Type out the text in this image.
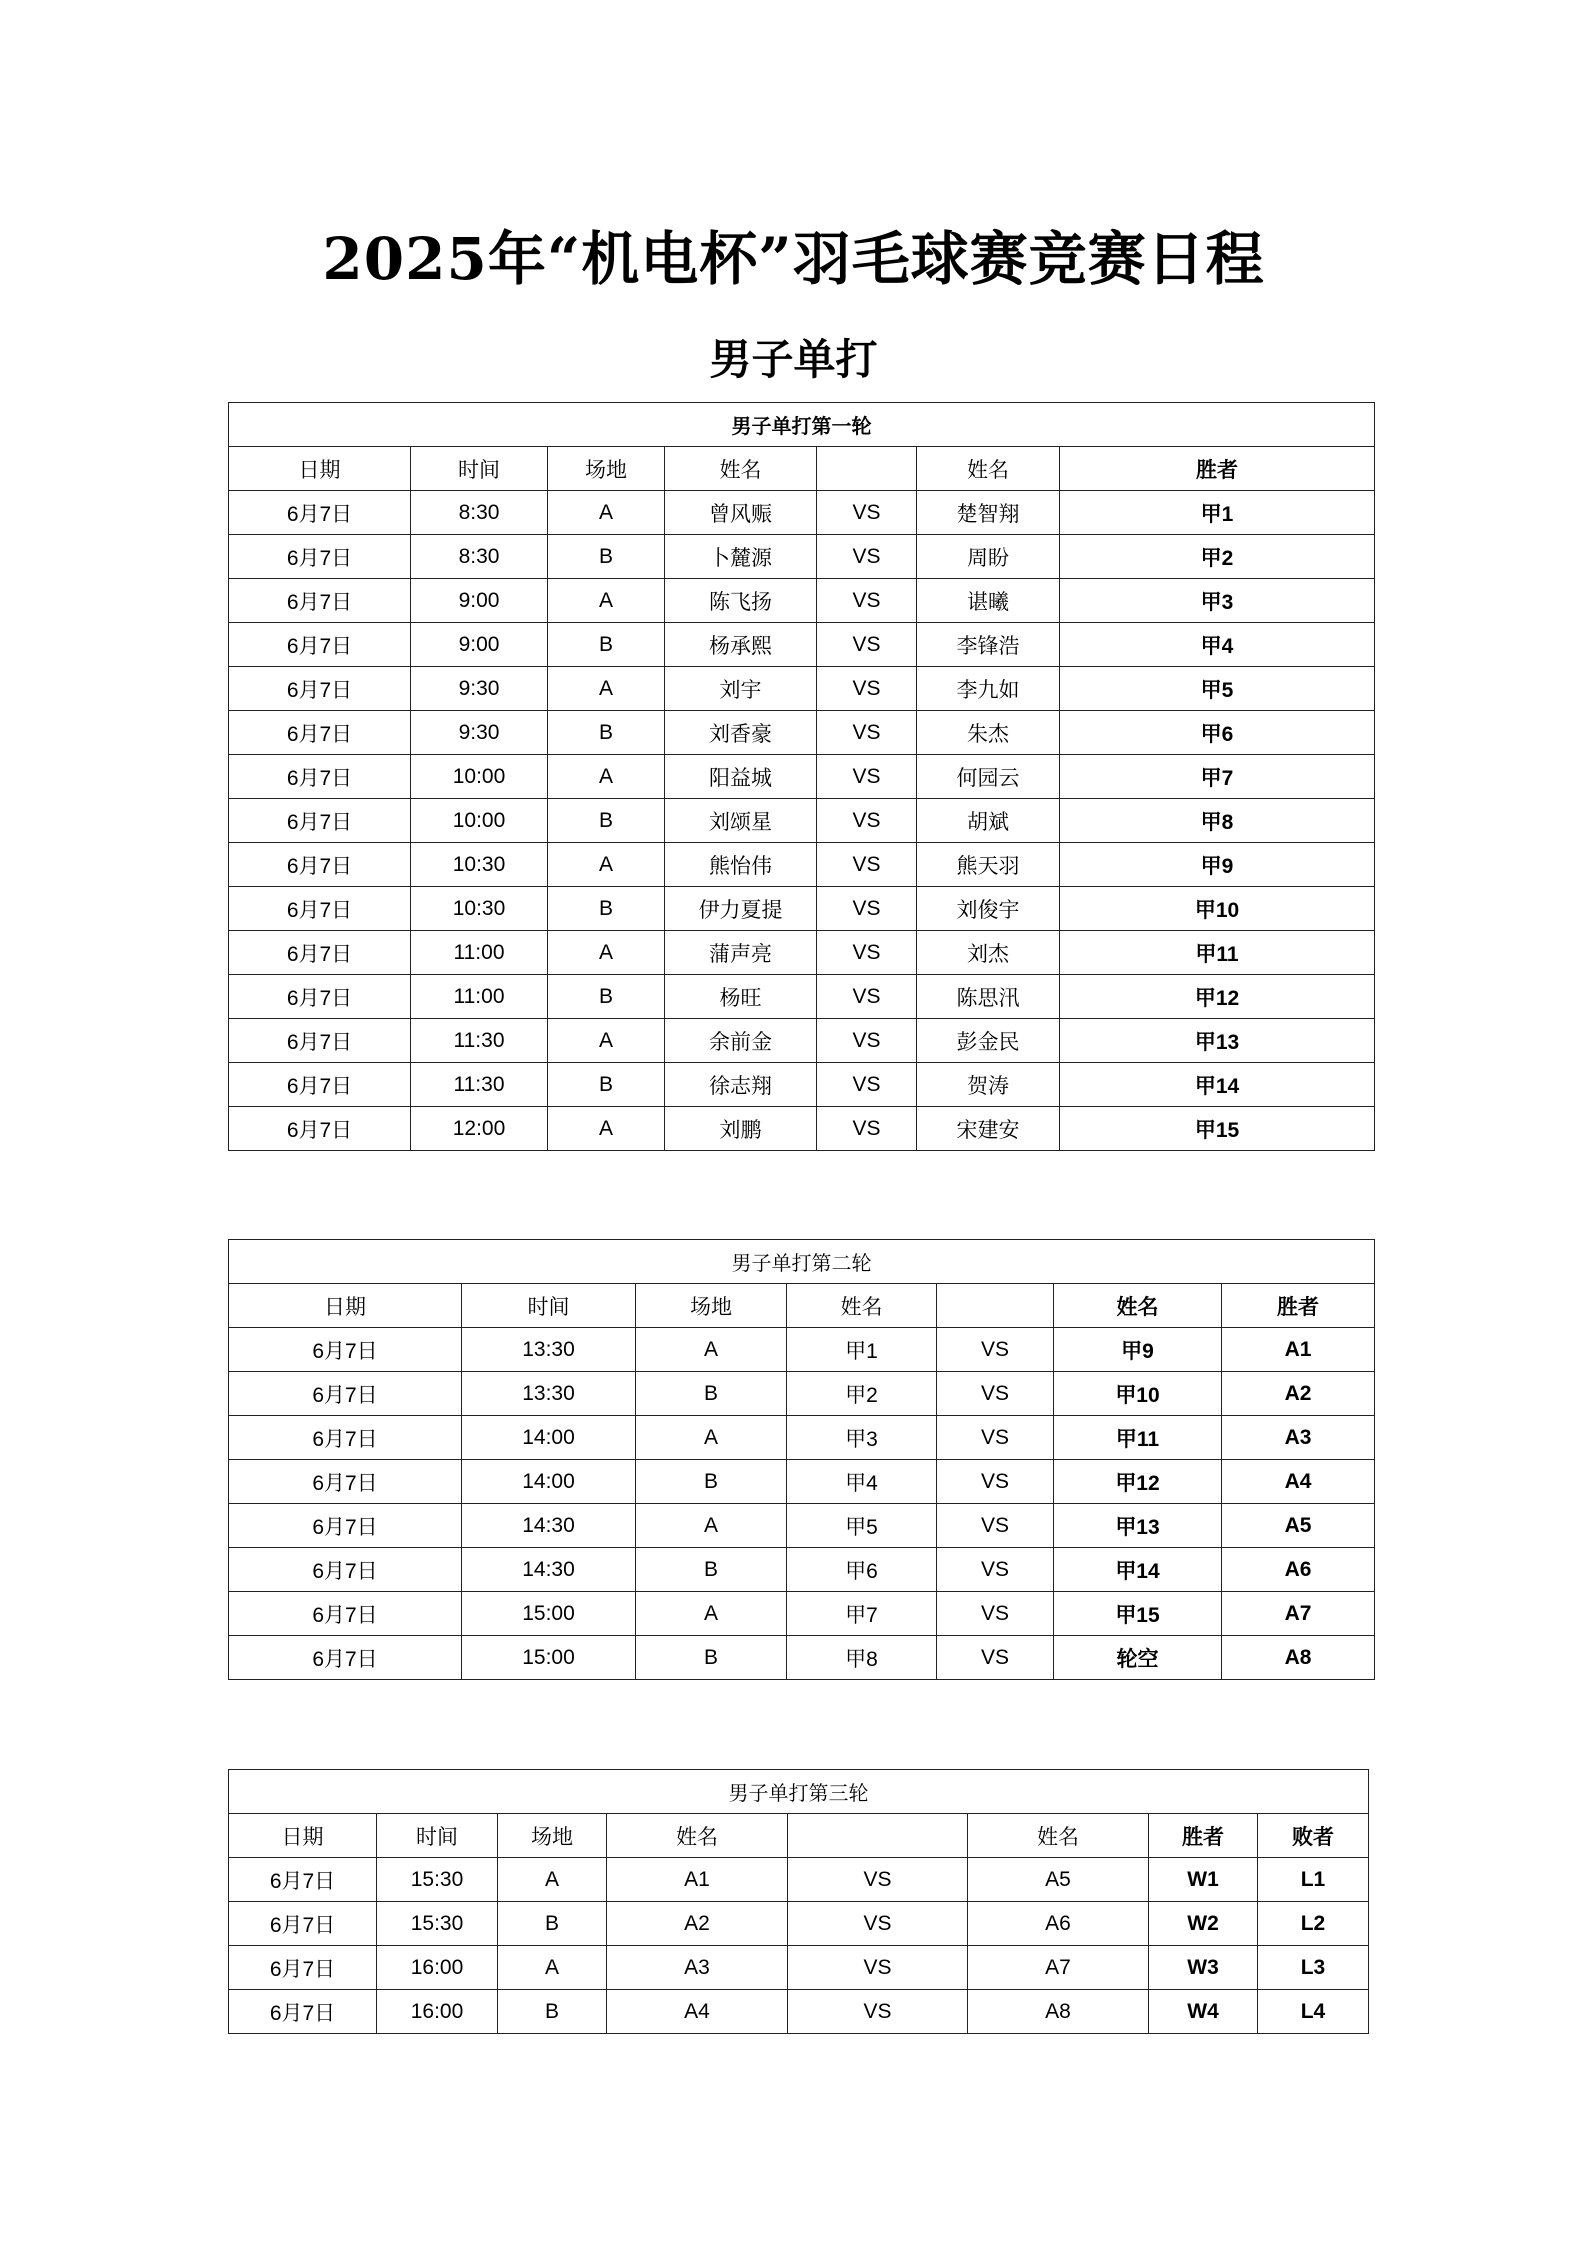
2025年“机电杯”羽毛球赛竞赛日程
男子单打
男子单打第一轮						
日期	时间	场地	姓名		姓名	胜者
6月7日	8:30	A	曾风赈	VS	楚智翔	甲1
6月7日	8:30	B	卜麓源	VS	周盼	甲2
6月7日	9:00	A	陈飞扬	VS	谌曦	甲3
6月7日	9:00	B	杨承熙	VS	李锋浩	甲4
6月7日	9:30	A	刘宇	VS	李九如	甲5
6月7日	9:30	B	刘香豪	VS	朱杰	甲6
6月7日	10:00	A	阳益城	VS	何园云	甲7
6月7日	10:00	B	刘颂星	VS	胡斌	甲8
6月7日	10:30	A	熊怡伟	VS	熊天羽	甲9
6月7日	10:30	B	伊力夏提	VS	刘俊宇	甲10
6月7日	11:00	A	蒲声亮	VS	刘杰	甲11
6月7日	11:00	B	杨旺	VS	陈思汛	甲12
6月7日	11:30	A	余前金	VS	彭金民	甲13
6月7日	11:30	B	徐志翔	VS	贺涛	甲14
6月7日	12:00	A	刘鹏	VS	宋建安	甲15
男子单打第二轮						
日期	时间	场地	姓名		姓名	胜者
6月7日	13:30	A	甲1	VS	甲9	A1
6月7日	13:30	B	甲2	VS	甲10	A2
6月7日	14:00	A	甲3	VS	甲11	A3
6月7日	14:00	B	甲4	VS	甲12	A4
6月7日	14:30	A	甲5	VS	甲13	A5
6月7日	14:30	B	甲6	VS	甲14	A6
6月7日	15:00	A	甲7	VS	甲15	A7
6月7日	15:00	B	甲8	VS	轮空	A8
男子单打第三轮							
日期	时间	场地	姓名		姓名	胜者	败者
6月7日	15:30	A	A1	VS	A5	W1	L1
6月7日	15:30	B	A2	VS	A6	W2	L2
6月7日	16:00	A	A3	VS	A7	W3	L3
6月7日	16:00	B	A4	VS	A8	W4	L4
